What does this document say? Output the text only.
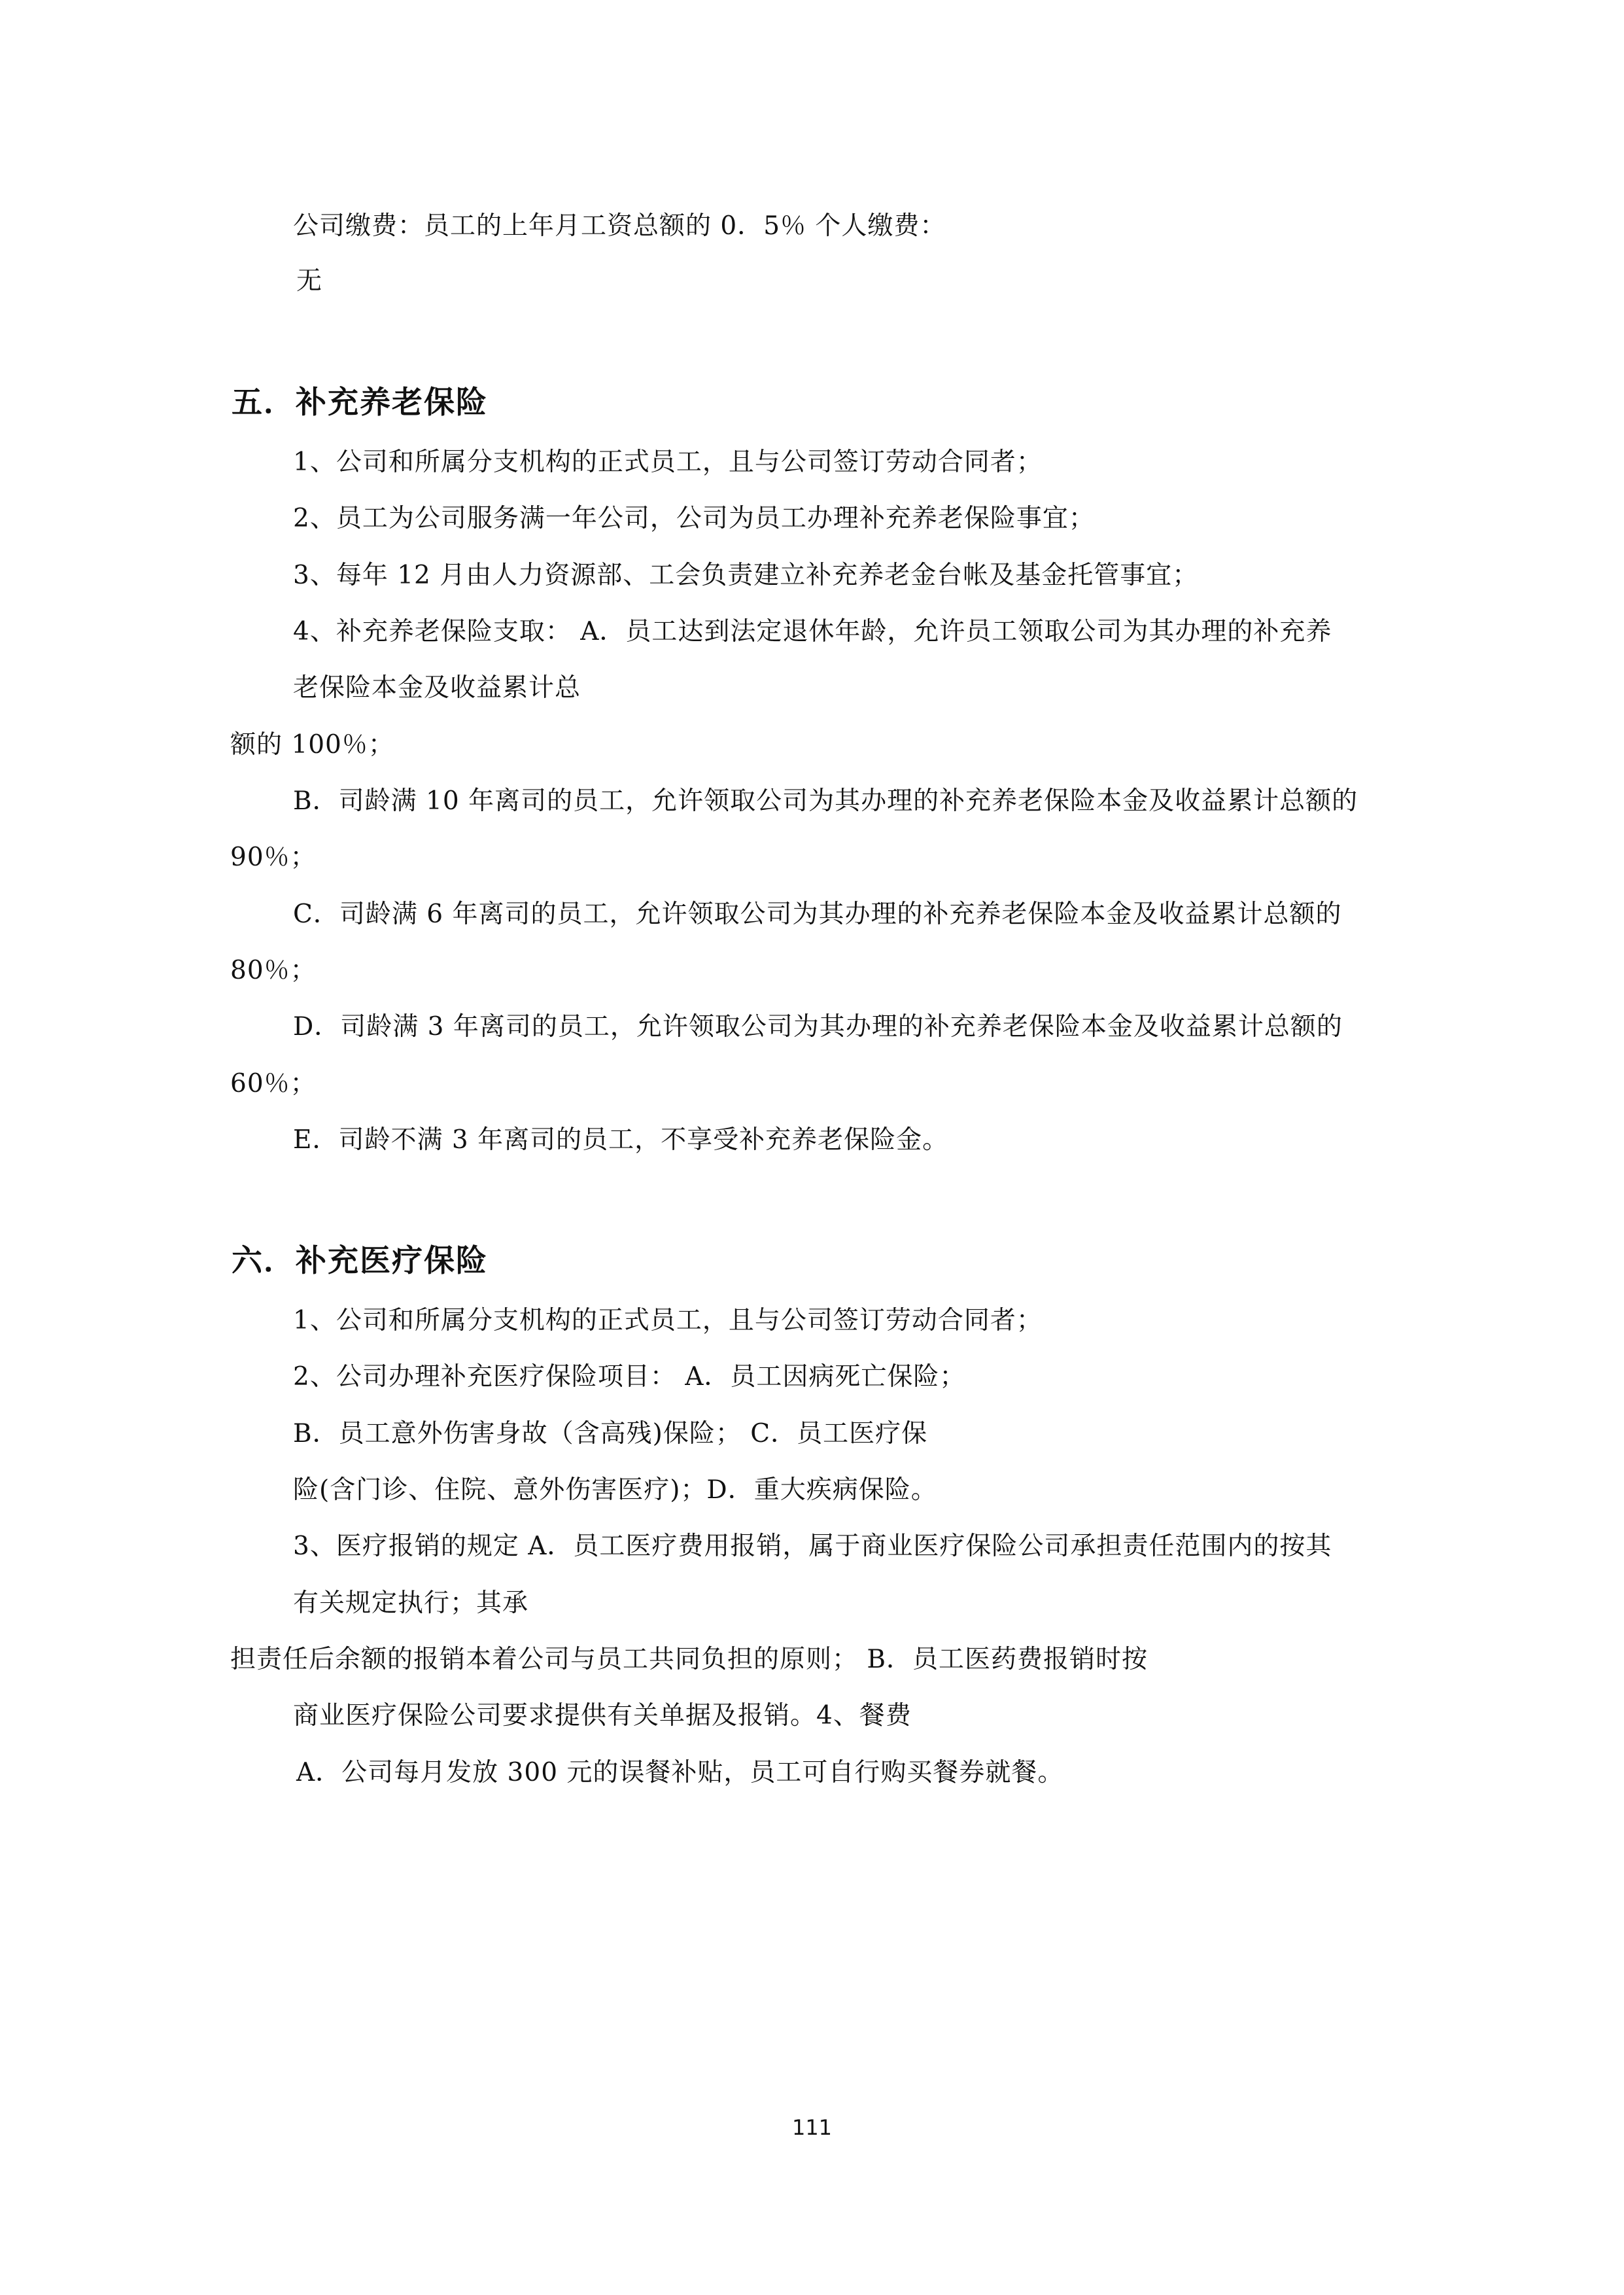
公司缴费：员工的上年月工资总额的 0．5％ 个人缴费：
无
五．补充养老保险
1、公司和所属分支机构的正式员工，且与公司签订劳动合同者；
2、员工为公司服务满一年公司，公司为员工办理补充养老保险事宜；
3、每年 12 月由人力资源部、工会负责建立补充养老金台帐及基金托管事宜；
4、补充养老保险支取： A．员工达到法定退休年龄，允许员工领取公司为其办理的补充养
老保险本金及收益累计总
额的 100％；
B．司龄满 10 年离司的员工，允许领取公司为其办理的补充养老保险本金及收益累计总额的
90％；
C．司龄满 6 年离司的员工，允许领取公司为其办理的补充养老保险本金及收益累计总额的
80％；
D．司龄满 3 年离司的员工，允许领取公司为其办理的补充养老保险本金及收益累计总额的
60％；
E．司龄不满 3 年离司的员工，不享受补充养老保险金。
六．补充医疗保险
1、公司和所属分支机构的正式员工，且与公司签订劳动合同者；
2、公司办理补充医疗保险项目： A．员工因病死亡保险；
B．员工意外伤害身故（含高残)保险； C．员工医疗保
险(含门诊、住院、意外伤害医疗)；D．重大疾病保险。
3、医疗报销的规定 A．员工医疗费用报销，属于商业医疗保险公司承担责任范围内的按其
有关规定执行；其承
担责任后余额的报销本着公司与员工共同负担的原则； B．员工医药费报销时按
商业医疗保险公司要求提供有关单据及报销。4、餐费
A．公司每月发放 300 元的误餐补贴，员工可自行购买餐券就餐。
111
